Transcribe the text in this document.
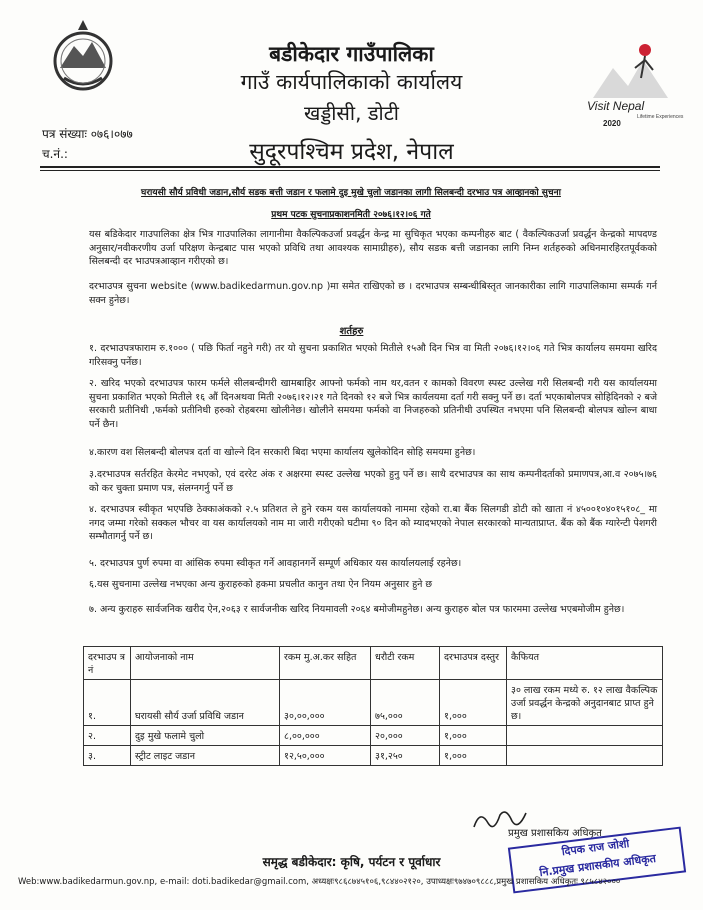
Visit Nepal
Lifetime Experiences
2020
बडीकेदार गाउँपालिका
गाउँ कार्यपालिकाको कार्यालय
खड्डीसी, डोटी
सुदूरपश्चिम प्रदेश, नेपाल
पत्र संख्याः ०७६।०७७
च.नं.:
घरायसी सौर्य प्रविधी जडान,सौर्य सडक बत्ती जडान र फलामे दुइ मुखे चुलो जडानका लागी सिलबन्दी दरभाउ पत्र आव्हानको सुचना
प्रथम पटक सुचनाप्रकाशनमिती २०७६।१२।०६ गते
यस बडिकेदार गाउपालिका क्षेत्र भित्र गाउपालिका लागानीमा वैकल्पिकउर्जा प्रवर्द्धन केन्द्र मा सुचिकृत भएका कम्पनीहरु बाट ( वैकल्पिकउर्जा प्रवर्द्धन केन्द्रको मापदण्ड अनुसार/नवीकरणीय उर्जा परिक्षण केन्द्रबाट पास भएको प्रविधि तथा आवश्यक सामाग्रीहरु), सौय सडक बत्ती जडानका लागि निम्न शर्तहरुको अधिनमारहिरतपूर्वकको सिलबन्दी दर भाउपत्रआव्हान गरीएको छ।
दरभाउपत्र सुचना website (www.badikedarmun.gov.np )मा समेत राखिएको छ । दरभाउपत्र सम्बन्धीबिस्तृत जानकारीका लागि गाउपालिकामा सम्पर्क गर्न सक्न हुनेछ।
शर्तहरु
१. दरभाउपत्रफाराम रु.१००० ( पछि फिर्ता नहुने गरी) तर यो सुचना प्रकाशित भएको मितीले १५औ दिन भित्र वा मिती २०७६।१२।०६ गते भित्र कार्यालय समयमा खरिद गरिसक्नु पर्नेछ।
२. खरिद भएको दरभाउपत्र फारम फर्मले सीलबन्दीगरी खामबाहिर आफ्नो फर्मको नाम थर,वतन र कामको विवरण स्पस्ट उल्लेख गरी सिलबन्दी गरी यस कार्यालयमा सुचना प्रकाशित भएको मितीले १६ औं दिनअथवा मिती २०७६।१२।२१ गते दिनको १२ बजे भित्र कार्यलयमा दर्ता गरी सक्नु पर्ने छ। दर्ता भएकाबोलपत्र सोहिदिनको २ बजे सरकारी प्रतीनिधी ,फर्मको प्रतीनिधी हरुको रोहबरमा खोलीनेछ। खोलीने समयमा फर्मको वा निजहरुको प्रतिनीधी उपस्थित नभएमा पनि सिलबन्दी बोलपत्र खोल्न बाधा पर्ने छैन।
४.कारण वश सिलबन्दी बोलपत्र दर्ता वा खोल्ने दिन सरकारी बिदा भएमा कार्यालय खुलेकोदिन सोहि समयमा हुनेछ।
३.दरभाउपत्र सर्तरहित केरमेट नभएको, एवं दररेट अंक र अक्षरमा स्पस्ट उल्लेख भएको हुनु पर्ने छ। साथै दरभाउपत्र का साथ कम्पनीदर्ताको प्रमाणपत्र,आ.व २०७५।७६ को कर चुक्ता प्रमाण पत्र, संलग्नगर्नु पर्ने छ
४. दरभाउपत्र स्वीकृत भएपछि ठेक्काअंकको २.५ प्रतिशत ले हुने रकम यस कार्यालयको नाममा रहेको रा.बा बैंक सिलगडी डोटी को खाता नं ४५००१०४०१५१०८_ मा नगद जम्मा गरेको सक्कल भौचर वा यस कार्यालयको नाम मा जारी गरीएको घटीमा ९० दिन को म्यादभएको नेपाल सरकारको मान्यताप्राप्त. बैंक को बैंक ग्यारेन्टी पेशगरी सम्भौतागर्नु पर्ने छ।
५. दरभाउपत्र पुर्ण रुपमा वा आंसिक रुपमा स्वीकृत गर्ने आवहानगर्ने सम्पूर्ण अधिकार यस कार्यालयलाई रहनेछ।
६.यस सुचनामा उल्लेख नभएका अन्य कुराहरुको हकमा प्रचलीत कानुन तथा ऐन नियम अनुसार हुने छ
७. अन्य कुराहरु सार्वजनिक खरीद ऐन,२०६३ र सार्वजनीक खरिद नियमावली २०६४ बमोजीमहुनेछ। अन्य कुराहरु बोल पत्र फारममा उल्लेख भएबमोजीम हुनेछ।
दरभाउप त्र नं	आयोजनाको नाम	रकम मु.अ.कर सहित	धरौटी रकम	दरभाउपत्र दस्तुर	कैफियत
१.	घरायसी सौर्य उर्जा प्रविधि जडान	३०,००,०००	७५,०००	१,०००	३० लाख रकम मध्ये रु. १२ लाख वैकल्पिक उर्जा प्रवर्द्धन केन्द्रको अनुदानबाट प्राप्त हुने छ।
२.	दुइ मुखे फलामे चुलो	८,००,०००	२०,०००	१,०००	
३.	स्ट्रीट लाइट जडान	१२,५०,०००	३१,२५०	१,०००	
प्रमुख प्रशासकिय अधिकृत
दिपक राज जोशी
नि.प्रमुख प्रशासकीय अधिकृत
समृद्ध बडीकेदार: कृषि, पर्यटन र पूर्वाधार
Web:www.badikedarmun.gov.np, e-mail: doti.badikedar@gmail.com, अध्यक्षः९८६८७४५१०६,९८४४०२१२०, उपाध्यक्षः९७४७०९८८८,प्रमुख प्रशासकिय अधिकृतः ९८५८४२०००
